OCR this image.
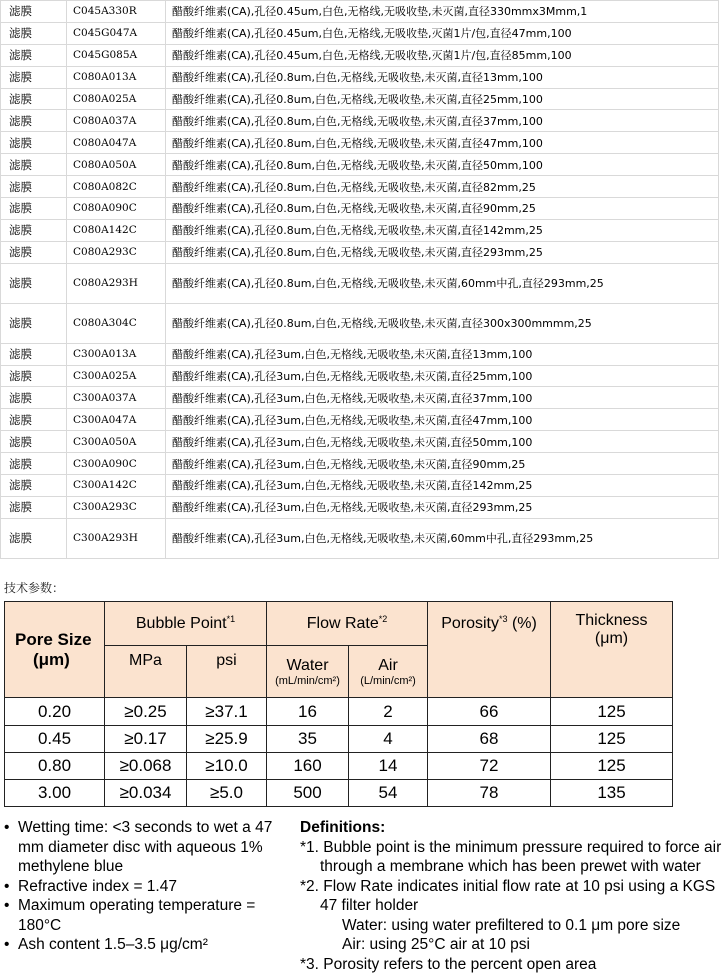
滤膜	C045A330R	醋酸纤维素(CA),孔径0.45um,白色,无格线,无吸收垫,未灭菌,直径330mmx3Mmm,1
滤膜	C045G047A	醋酸纤维素(CA),孔径0.45um,白色,无格线,无吸收垫,灭菌1片/包,直径47mm,100
滤膜	C045G085A	醋酸纤维素(CA),孔径0.45um,白色,无格线,无吸收垫,灭菌1片/包,直径85mm,100
滤膜	C080A013A	醋酸纤维素(CA),孔径0.8um,白色,无格线,无吸收垫,未灭菌,直径13mm,100
滤膜	C080A025A	醋酸纤维素(CA),孔径0.8um,白色,无格线,无吸收垫,未灭菌,直径25mm,100
滤膜	C080A037A	醋酸纤维素(CA),孔径0.8um,白色,无格线,无吸收垫,未灭菌,直径37mm,100
滤膜	C080A047A	醋酸纤维素(CA),孔径0.8um,白色,无格线,无吸收垫,未灭菌,直径47mm,100
滤膜	C080A050A	醋酸纤维素(CA),孔径0.8um,白色,无格线,无吸收垫,未灭菌,直径50mm,100
滤膜	C080A082C	醋酸纤维素(CA),孔径0.8um,白色,无格线,无吸收垫,未灭菌,直径82mm,25
滤膜	C080A090C	醋酸纤维素(CA),孔径0.8um,白色,无格线,无吸收垫,未灭菌,直径90mm,25
滤膜	C080A142C	醋酸纤维素(CA),孔径0.8um,白色,无格线,无吸收垫,未灭菌,直径142mm,25
滤膜	C080A293C	醋酸纤维素(CA),孔径0.8um,白色,无格线,无吸收垫,未灭菌,直径293mm,25
滤膜	C080A293H	醋酸纤维素(CA),孔径0.8um,白色,无格线,无吸收垫,未灭菌,60mm中孔,直径293mm,25
滤膜	C080A304C	醋酸纤维素(CA),孔径0.8um,白色,无格线,无吸收垫,未灭菌,直径300x300mmmm,25
滤膜	C300A013A	醋酸纤维素(CA),孔径3um,白色,无格线,无吸收垫,未灭菌,直径13mm,100
滤膜	C300A025A	醋酸纤维素(CA),孔径3um,白色,无格线,无吸收垫,未灭菌,直径25mm,100
滤膜	C300A037A	醋酸纤维素(CA),孔径3um,白色,无格线,无吸收垫,未灭菌,直径37mm,100
滤膜	C300A047A	醋酸纤维素(CA),孔径3um,白色,无格线,无吸收垫,未灭菌,直径47mm,100
滤膜	C300A050A	醋酸纤维素(CA),孔径3um,白色,无格线,无吸收垫,未灭菌,直径50mm,100
滤膜	C300A090C	醋酸纤维素(CA),孔径3um,白色,无格线,无吸收垫,未灭菌,直径90mm,25
滤膜	C300A142C	醋酸纤维素(CA),孔径3um,白色,无格线,无吸收垫,未灭菌,直径142mm,25
滤膜	C300A293C	醋酸纤维素(CA),孔径3um,白色,无格线,无吸收垫,未灭菌,直径293mm,25
滤膜	C300A293H	醋酸纤维素(CA),孔径3um,白色,无格线,无吸收垫,未灭菌,60mm中孔,直径293mm,25
技术参数：
Pore Size
(μm)	Bubble Point$^{*1}$		Flow Rate$^{*2}$		Porosity$^{*3}$ (%)	Thickness
(μm)
	MPa	psi	Water
(mL/min/cm²)	Air
(L/min/cm²)		

0.20	≥0.25	≥37.1	16	2	66	125
0.45	≥0.17	≥25.9	35	4	68	125
0.80	≥0.068	≥10.0	160	14	72	125
3.00	≥0.034	≥5.0	500	54	78	135
• Wetting time: <3 seconds to wet a 47 mm diameter disc with aqueous 1% methylene blue
• Refractive index = 1.47
• Maximum operating temperature = 180°C
• Ash content 1.5–3.5 μg/cm²
Definitions:
*1. Bubble point is the minimum pressure required to force air through a membrane which has been prewet with water
*2. Flow Rate indicates initial flow rate at 10 psi using a KGS 47 filter holder
Water: using water prefiltered to 0.1 μm pore size
Air: using 25°C air at 10 psi
*3. Porosity refers to the percent open area
